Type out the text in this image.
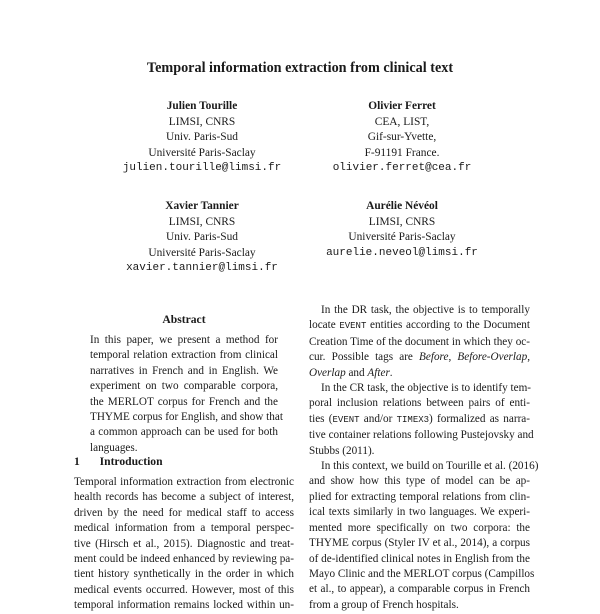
Temporal information extraction from clinical text
Julien Tourille
LIMSI, CNRS
Univ. Paris-Sud
Université Paris-Saclay
julien.tourille@limsi.fr
Olivier Ferret
CEA, LIST,
Gif-sur-Yvette,
F-91191 France.
olivier.ferret@cea.fr
Xavier Tannier
LIMSI, CNRS
Univ. Paris-Sud
Université Paris-Saclay
xavier.tannier@limsi.fr
Aurélie Névéol
LIMSI, CNRS
Université Paris-Saclay
aurelie.neveol@limsi.fr
Abstract
In this paper, we present a method for
temporal relation extraction from clinical
narratives in French and in English. We
experiment on two comparable corpora,
the MERLOT corpus for French and the
THYME corpus for English, and show that
a common approach can be used for both
languages.
1 Introduction
Temporal information extraction from electronic
health records has become a subject of interest,
driven by the need for medical staff to access
medical information from a temporal perspec-
tive (Hirsch et al., 2015). Diagnostic and treat-
ment could be indeed enhanced by reviewing pa-
tient history synthetically in the order in which
medical events occurred. However, most of this
temporal information remains locked within un-
In the DR task, the objective is to temporally
locate EVENT entities according to the Document
Creation Time of the document in which they oc-
cur. Possible tags are Before, Before-Overlap,
Overlap and After.
In the CR task, the objective is to identify tem-
poral inclusion relations between pairs of enti-
ties (EVENT and/or TIMEX3) formalized as narra-
tive container relations following Pustejovsky and
Stubbs (2011).
In this context, we build on Tourille et al. (2016)
and show how this type of model can be ap-
plied for extracting temporal relations from clin-
ical texts similarly in two languages. We experi-
mented more specifically on two corpora: the
THYME corpus (Styler IV et al., 2014), a corpus
of de-identified clinical notes in English from the
Mayo Clinic and the MERLOT corpus (Campillos
et al., to appear), a comparable corpus in French
from a group of French hospitals.
